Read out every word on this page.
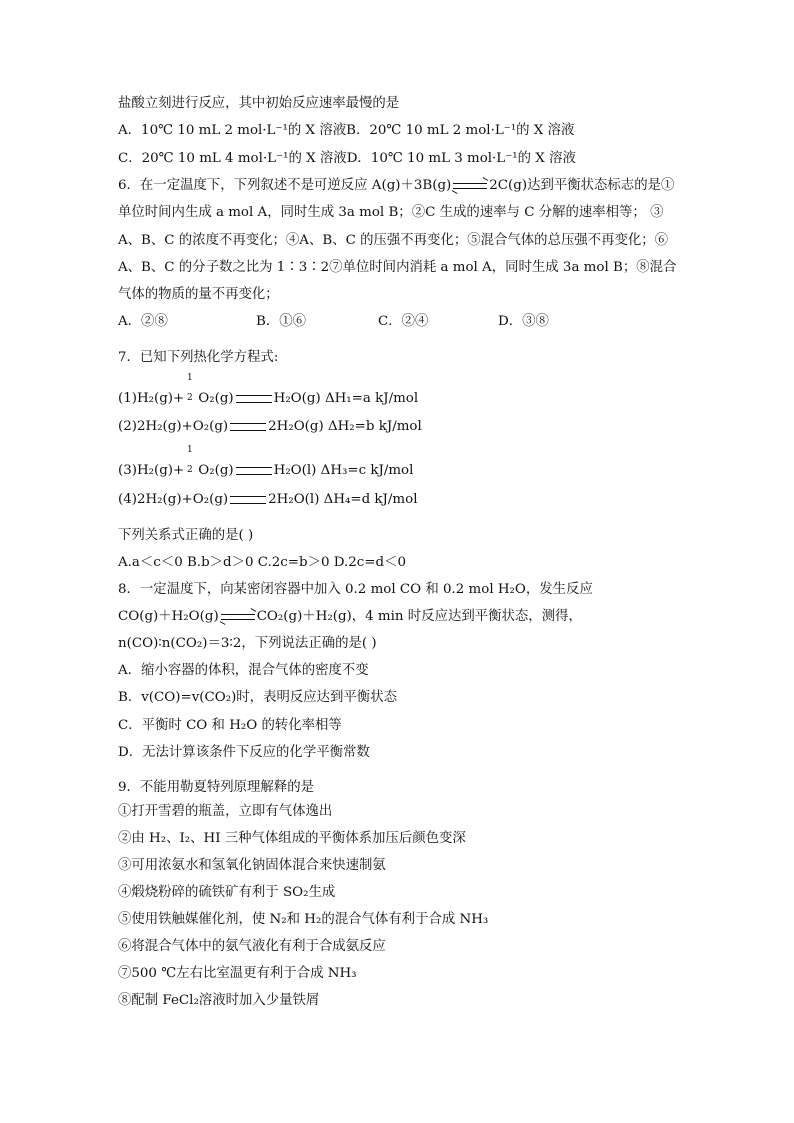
盐酸立刻进行反应，其中初始反应速率最慢的是
A．10℃ 10 mL 2 mol·L⁻¹的 X 溶液B．20℃ 10 mL 2 mol·L⁻¹的 X 溶液
C．20℃ 10 mL 4 mol·L⁻¹的 X 溶液D．10℃ 10 mL 3 mol·L⁻¹的 X 溶液
6．在一定温度下，下列叙述不是可逆反应 A(g)＋3B(g)	2C(g)达到平衡状态标志的是①
单位时间内生成 a mol A，同时生成 3a mol B；②C 生成的速率与 C 分解的速率相等； ③
A、B、C 的浓度不再变化；④A、B、C 的压强不再变化；⑤混合气体的总压强不再变化；⑥
A、B、C 的分子数之比为 1∶3∶2⑦单位时间内消耗 a mol A，同时生成 3a mol B；⑧混合
气体的物质的量不再变化；
A．②⑧	B．①⑥	C．②④	D．③⑧
7．已知下列热化学方程式:
1
2
(1)H₂(g)+ O₂(g)	H₂O(g) ΔH₁=a kJ/mol
(2)2H₂(g)+O₂(g)	2H₂O(g) ΔH₂=b kJ/mol
1
2
(3)H₂(g)+ O₂(g)	H₂O(l) ΔH₃=c kJ/mol
(4)2H₂(g)+O₂(g)	2H₂O(l) ΔH₄=d kJ/mol
下列关系式正确的是( )
A.a＜c＜0 B.b＞d＞0 C.2c=b＞0 D.2c=d＜0
8．一定温度下，向某密闭容器中加入 0.2 mol CO 和 0.2 mol H₂O，发生反应
CO(g)＋H₂O(g)	CO₂(g)＋H₂(g)，4 min 时反应达到平衡状态，测得，
n(CO)∶n(CO₂)＝3∶2，下列说法正确的是( )
A．缩小容器的体积，混合气体的密度不变
B．v(CO)=v(CO₂)时，表明反应达到平衡状态
C．平衡时 CO 和 H₂O 的转化率相等
D．无法计算该条件下反应的化学平衡常数
9．不能用勒夏特列原理解释的是
①打开雪碧的瓶盖，立即有气体逸出
②由 H₂、I₂、HI 三种气体组成的平衡体系加压后颜色变深
③可用浓氨水和氢氧化钠固体混合来快速制氨
④煅烧粉碎的硫铁矿有利于 SO₂生成
⑤使用铁触媒催化剂，使 N₂和 H₂的混合气体有利于合成 NH₃
⑥将混合气体中的氨气液化有利于合成氨反应
⑦500 ℃左右比室温更有利于合成 NH₃
⑧配制 FeCl₂溶液时加入少量铁屑
